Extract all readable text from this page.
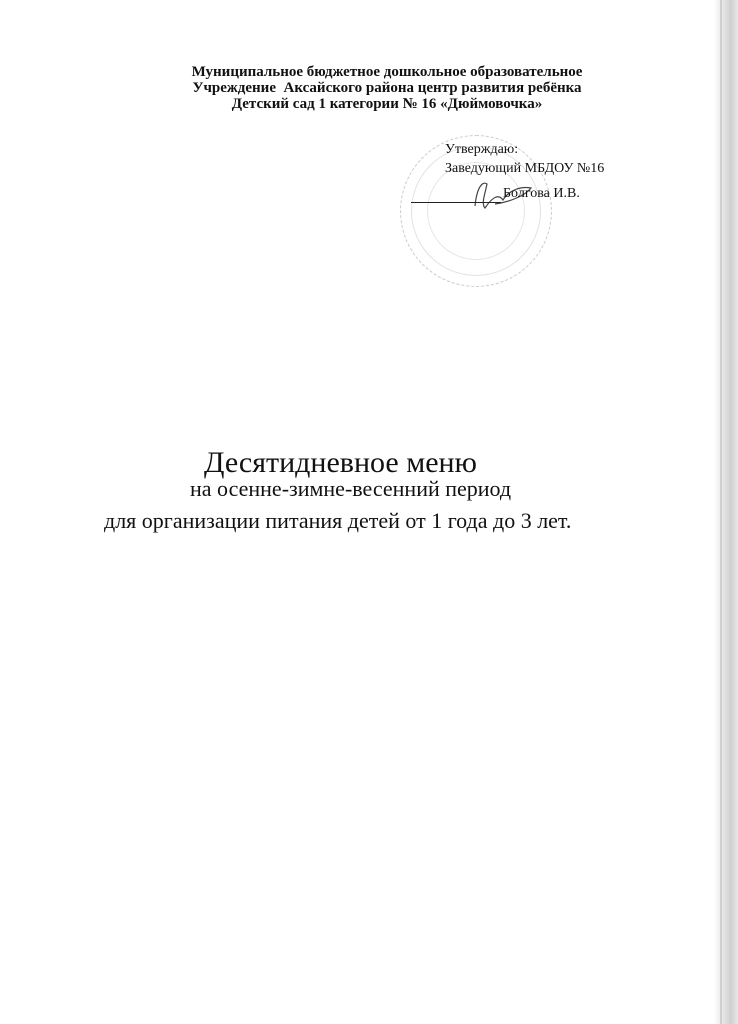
Муниципальное бюджетное дошкольное образовательное
Учреждение  Аксайского района центр развития ребёнка
Детский сад 1 категории № 16 «Дюймовочка»
Утверждаю:
Заведующий МБДОУ №16
Болгова И.В.
Десятидневное меню
на осенне-зимне-весенний период
для организации питания детей от 1 года до 3 лет.
